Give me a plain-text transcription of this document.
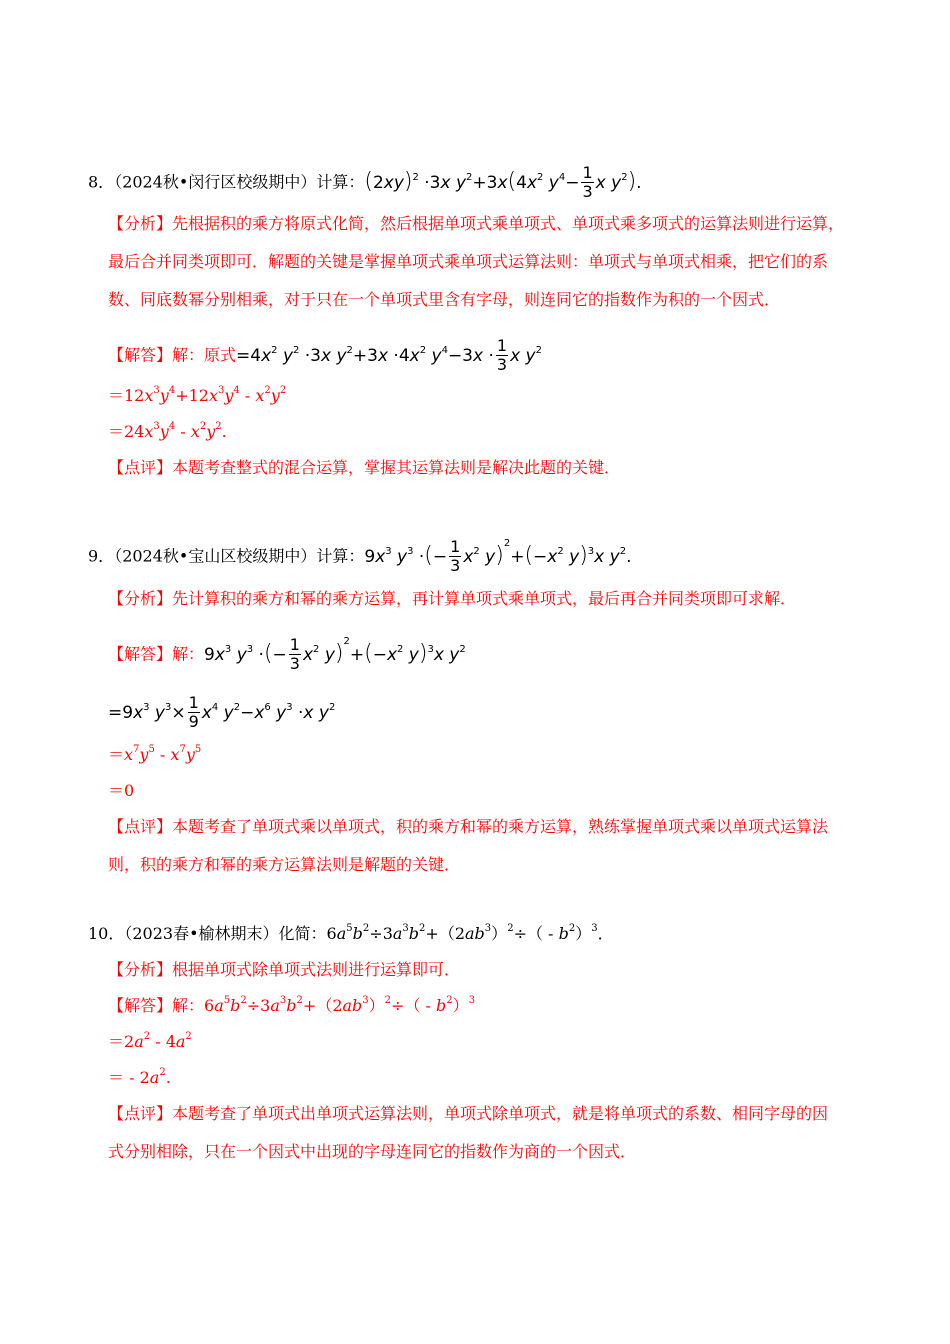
8．（2024秋•闵行区校级期中）计算：$(2xy)^2 \cdot 3x$ $y^2+3x(4x^2$ $y^4- \frac{1}{3}$ x $y^2$).
【分析】先根据积的乘方将原式化简，然后根据单项式乘单项式、单项式乘多项式的运算法则进行运算，
最后合并同类项即可．解题的关键是掌握单项式乘单项式运算法则：单项式与单项式相乘，把它们的系
数、同底数幂分别相乘，对于只在一个单项式里含有字母，则连同它的指数作为积的一个因式．
【解答】解：原式$=4x^2$ $y^2 \cdot 3x$ $y^2+3x \cdot 4x^2$ $y^4-3x \cdot \frac{1}{3}$ x $y^2$
$=12x^3y^4+12x^3y^4 - x^2y^2$
$=24x^3y^4 - x^2y^2$.
【点评】本题考查整式的混合运算，掌握其运算法则是解决此题的关键．
9．（2024秋•宝山区校级期中）计算：$9x^3$ $y^3$ ·(− $\frac{1}{3} x^2$ $y)^2+(-x^2$ y)$^3$x $y^2$.
【分析】先计算积的乘方和幂的乘方运算，再计算单项式乘单项式，最后再合并同类项即可求解．
【解答】解：$9x^3$ $y^3$ ·(− $\frac{1}{3} x^2$ $y)^2+(-x^2$ y)$^3$x $y^2$
$=9x^3$ $y^3\times \frac{1}{9} x^4$ $y^2-x^6$ $y^3 \cdot x$ $y^2$
$=x^7y^5 - x^7y^5$
＝0
【点评】本题考查了单项式乘以单项式，积的乘方和幂的乘方运算，熟练掌握单项式乘以单项式运算法
则，积的乘方和幂的乘方运算法则是解题的关键．
10．（2023春•榆林期末）化简：$6a^5b^2\div 3a^3b^2+(2ab^3)^2\div( - b^2)^3$．
【分析】根据单项式除单项式法则进行运算即可．
【解答】解：$6a^5b^2\div 3a^3b^2+(2ab^3)^2\div( - b^2)^3$
$=2a^2 - 4a^2$
＝ - $2a^2$.
【点评】本题考查了单项式出单项式运算法则，单项式除单项式，就是将单项式的系数、相同字母的因
式分别相除，只在一个因式中出现的字母连同它的指数作为商的一个因式．
